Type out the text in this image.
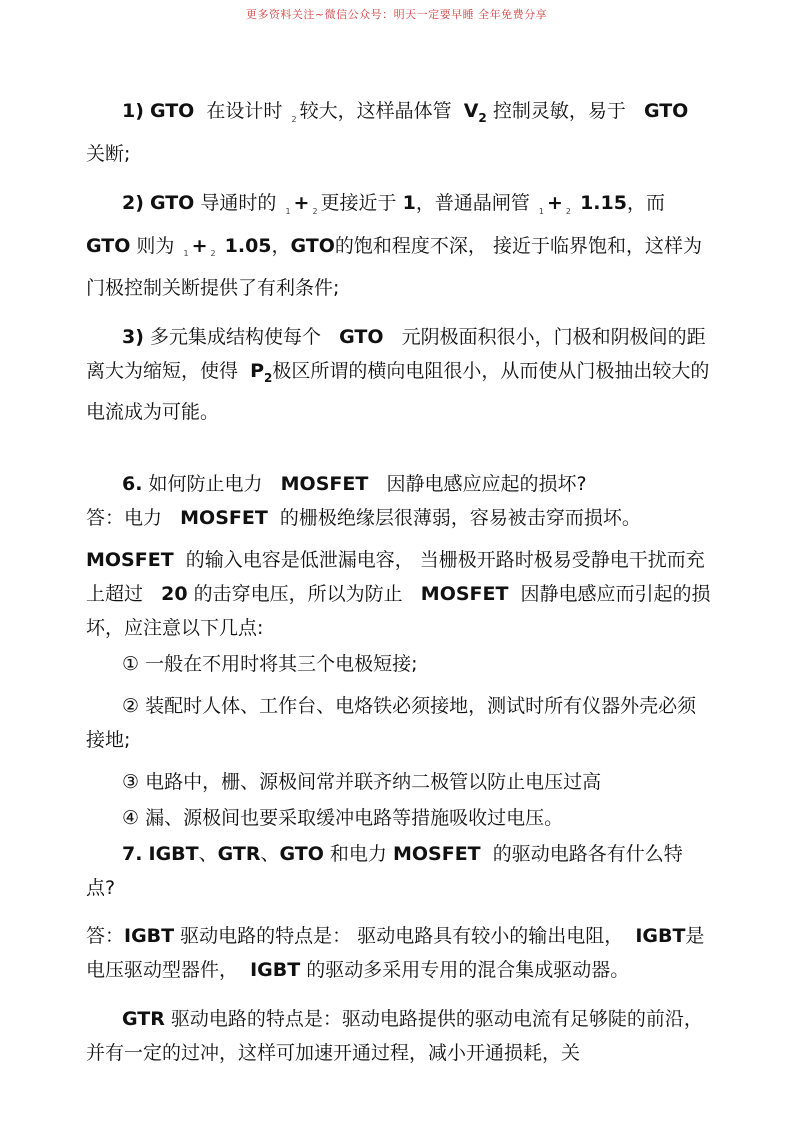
更多资料关注~微信公众号：明天一定要早睡 全年免费分享

1) GTO 在设计时 $_2$ 较大，这样晶体管 $V_2$ 控制灵敏，易于 GTO 关断;

2) GTO 导通时的 $_1$ + $_2$ 更接近于 1，普通晶闸管 $_1$ + $_2$ 1.15，而 GTO 则为 $_1$ + $_2$ 1.05，GTO的饱和程度不深， 接近于临界饱和，这样为门极控制关断提供了有利条件;

3) 多元集成结构使每个 GTO 元阴极面积很小，门极和阴极间的距离大为缩短，使得 $P_2$极区所谓的横向电阻很小，从而使从门极抽出较大的电流成为可能。

6. 如何防止电力 MOSFET 因静电感应应起的损坏?

答：电力 MOSFET 的栅极绝缘层很薄弱，容易被击穿而损坏。

MOSFET 的输入电容是低泄漏电容， 当栅极开路时极易受静电干扰而充上超过 20 的击穿电压，所以为防止 MOSFET 因静电感应而引起的损坏，应注意以下几点:

① 一般在不用时将其三个电极短接;

② 装配时人体、工作台、电烙铁必须接地，测试时所有仪器外壳必须接地;

③ 电路中，栅、源极间常并联齐纳二极管以防止电压过高

④ 漏、源极间也要采取缓冲电路等措施吸收过电压。

7. IGBT、GTR、GTO 和电力 MOSFET 的驱动电路各有什么特点?

答：IGBT 驱动电路的特点是： 驱动电路具有较小的输出电阻， IGBT是电压驱动型器件， IGBT 的驱动多采用专用的混合集成驱动器。

GTR 驱动电路的特点是：驱动电路提供的驱动电流有足够陡的前沿，并有一定的过冲，这样可加速开通过程，减小开通损耗，关
